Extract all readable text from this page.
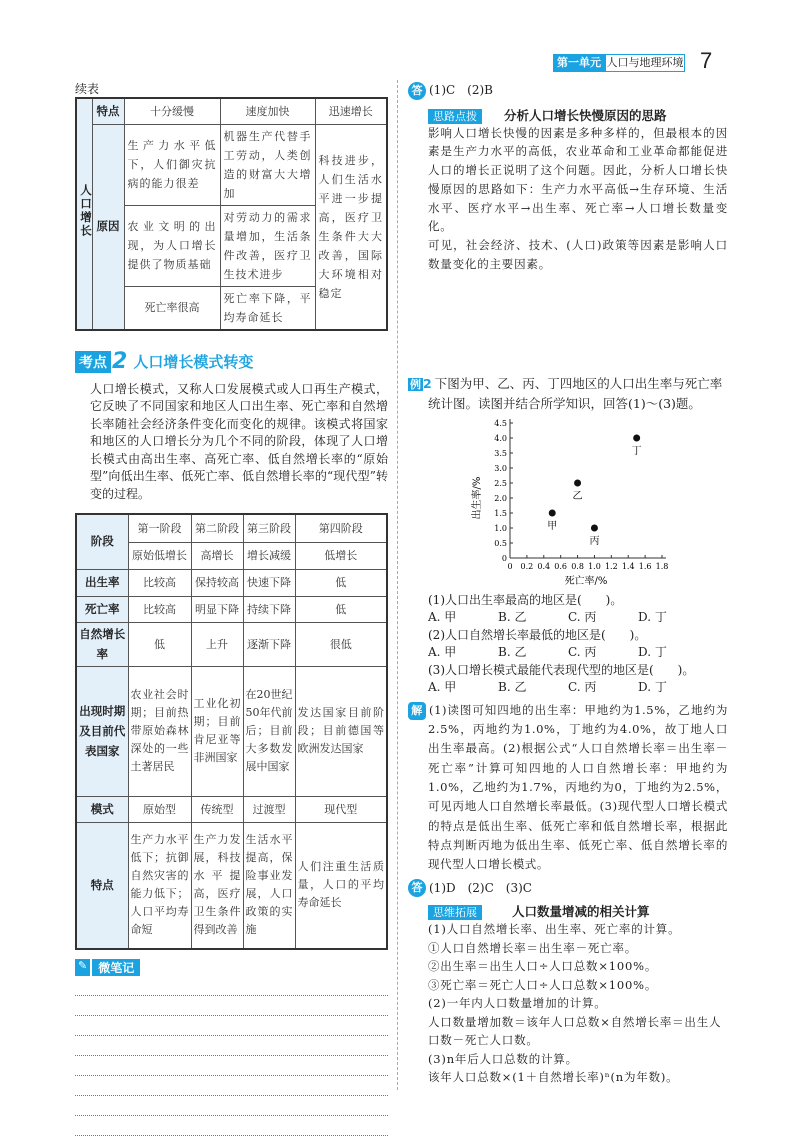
第一单元 人口与地理环境 7
续表
人口增长	特点	十分缓慢	速度加快	迅速增长
	原因	生产力水平低下，人们御灾抗病的能力很差	机器生产代替手工劳动，人类创造的财富大大增加	科技进步，人们生活水平进一步提高，医疗卫生条件大大改善，国际大环境相对稳定
		农业文明的出现，为人口增长提供了物质基础	对劳动力的需求量增加，生活条件改善，医疗卫生技术进步	
		死亡率很高	死亡率下降，平均寿命延长	
考点 2 人口增长模式转变
人口增长模式，又称人口发展模式或人口再生产模式，它反映了不同国家和地区人口出生率、死亡率和自然增长率随社会经济条件变化而变化的规律。该模式将国家和地区的人口增长分为几个不同的阶段，体现了人口增长模式由高出生率、高死亡率、低自然增长率的“原始型”向低出生率、低死亡率、低自然增长率的“现代型”转变的过程。
阶段	第一阶段	第二阶段	第三阶段	第四阶段
	原始低增长	高增长	增长减缓	低增长
出生率	比较高	保持较高	快速下降	低
死亡率	比较高	明显下降	持续下降	低
自然增长率	低	上升	逐渐下降	很低
出现时期及目前代表国家	农业社会时期；目前热带原始森林深处的一些土著居民	工业化初期；目前肯尼亚等非洲国家	在20世纪50年代前后；目前大多数发展中国家	发达国家目前阶段；目前德国等欧洲发达国家
模式	原始型	传统型	过渡型	现代型
特点	生产力水平低下；抗御自然灾害的能力低下；人口平均寿命短	生产力发展，科技水平提高，医疗卫生条件得到改善	生活水平提高，保险事业发展，人口政策的实施	人们注重生活质量，人口的平均寿命延长
✎ 微笔记
答 (1)C　(2)B
思路点拨 分析人口增长快慢原因的思路
影响人口增长快慢的因素是多种多样的，但最根本的因素是生产力水平的高低，农业革命和工业革命都能促进人口的增长正说明了这个问题。因此，分析人口增长快慢原因的思路如下：生产力水平高低→生存环境、生活水平、医疗水平→出生率、死亡率→人口增长数量变化。
可见，社会经济、技术、(人口)政策等因素是影响人口数量变化的主要因素。
例 2 下图为甲、乙、丙、丁四地区的人口出生率与死亡率统计图。读图并结合所学知识，回答(1)～(3)题。
0 0.2 0.4 0.6 0.8 1.0 1.2 1.4 1.6 1.8
0
0.5
1.0
1.5
2.0
2.5
3.0
3.5
4.0
4.5
死亡率/%
出生率/%
甲
乙
丙
丁
(1)人口出生率最高的地区是(　　)。
A. 甲	B. 乙	C. 丙	D. 丁
(2)人口自然增长率最低的地区是(　　)。
A. 甲	B. 乙	C. 丙	D. 丁
(3)人口增长模式最能代表现代型的地区是(　　)。
A. 甲	B. 乙	C. 丙	D. 丁
解 (1)读图可知四地的出生率：甲地约为1.5%，乙地约为2.5%，丙地约为1.0%，丁地约为4.0%，故丁地人口出生率最高。(2)根据公式“人口自然增长率＝出生率－死亡率”计算可知四地的人口自然增长率：甲地约为1.0%，乙地约为1.7%，丙地约为0，丁地约为2.5%，可见丙地人口自然增长率最低。(3)现代型人口增长模式的特点是低出生率、低死亡率和低自然增长率，根据此特点判断丙地为低出生率、低死亡率、低自然增长率的现代型人口增长模式。
答 (1)D　(2)C　(3)C
思维拓展	人口数量增减的相关计算
(1)人口自然增长率、出生率、死亡率的计算。
①人口自然增长率＝出生率－死亡率。
②出生率＝出生人口÷人口总数×100%。
③死亡率＝死亡人口÷人口总数×100%。
(2)一年内人口数量增加的计算。
人口数量增加数＝该年人口总数×自然增长率＝出生人口数－死亡人口数。
(3)n年后人口总数的计算。
该年人口总数×(1＋自然增长率)ⁿ(n为年数)。
